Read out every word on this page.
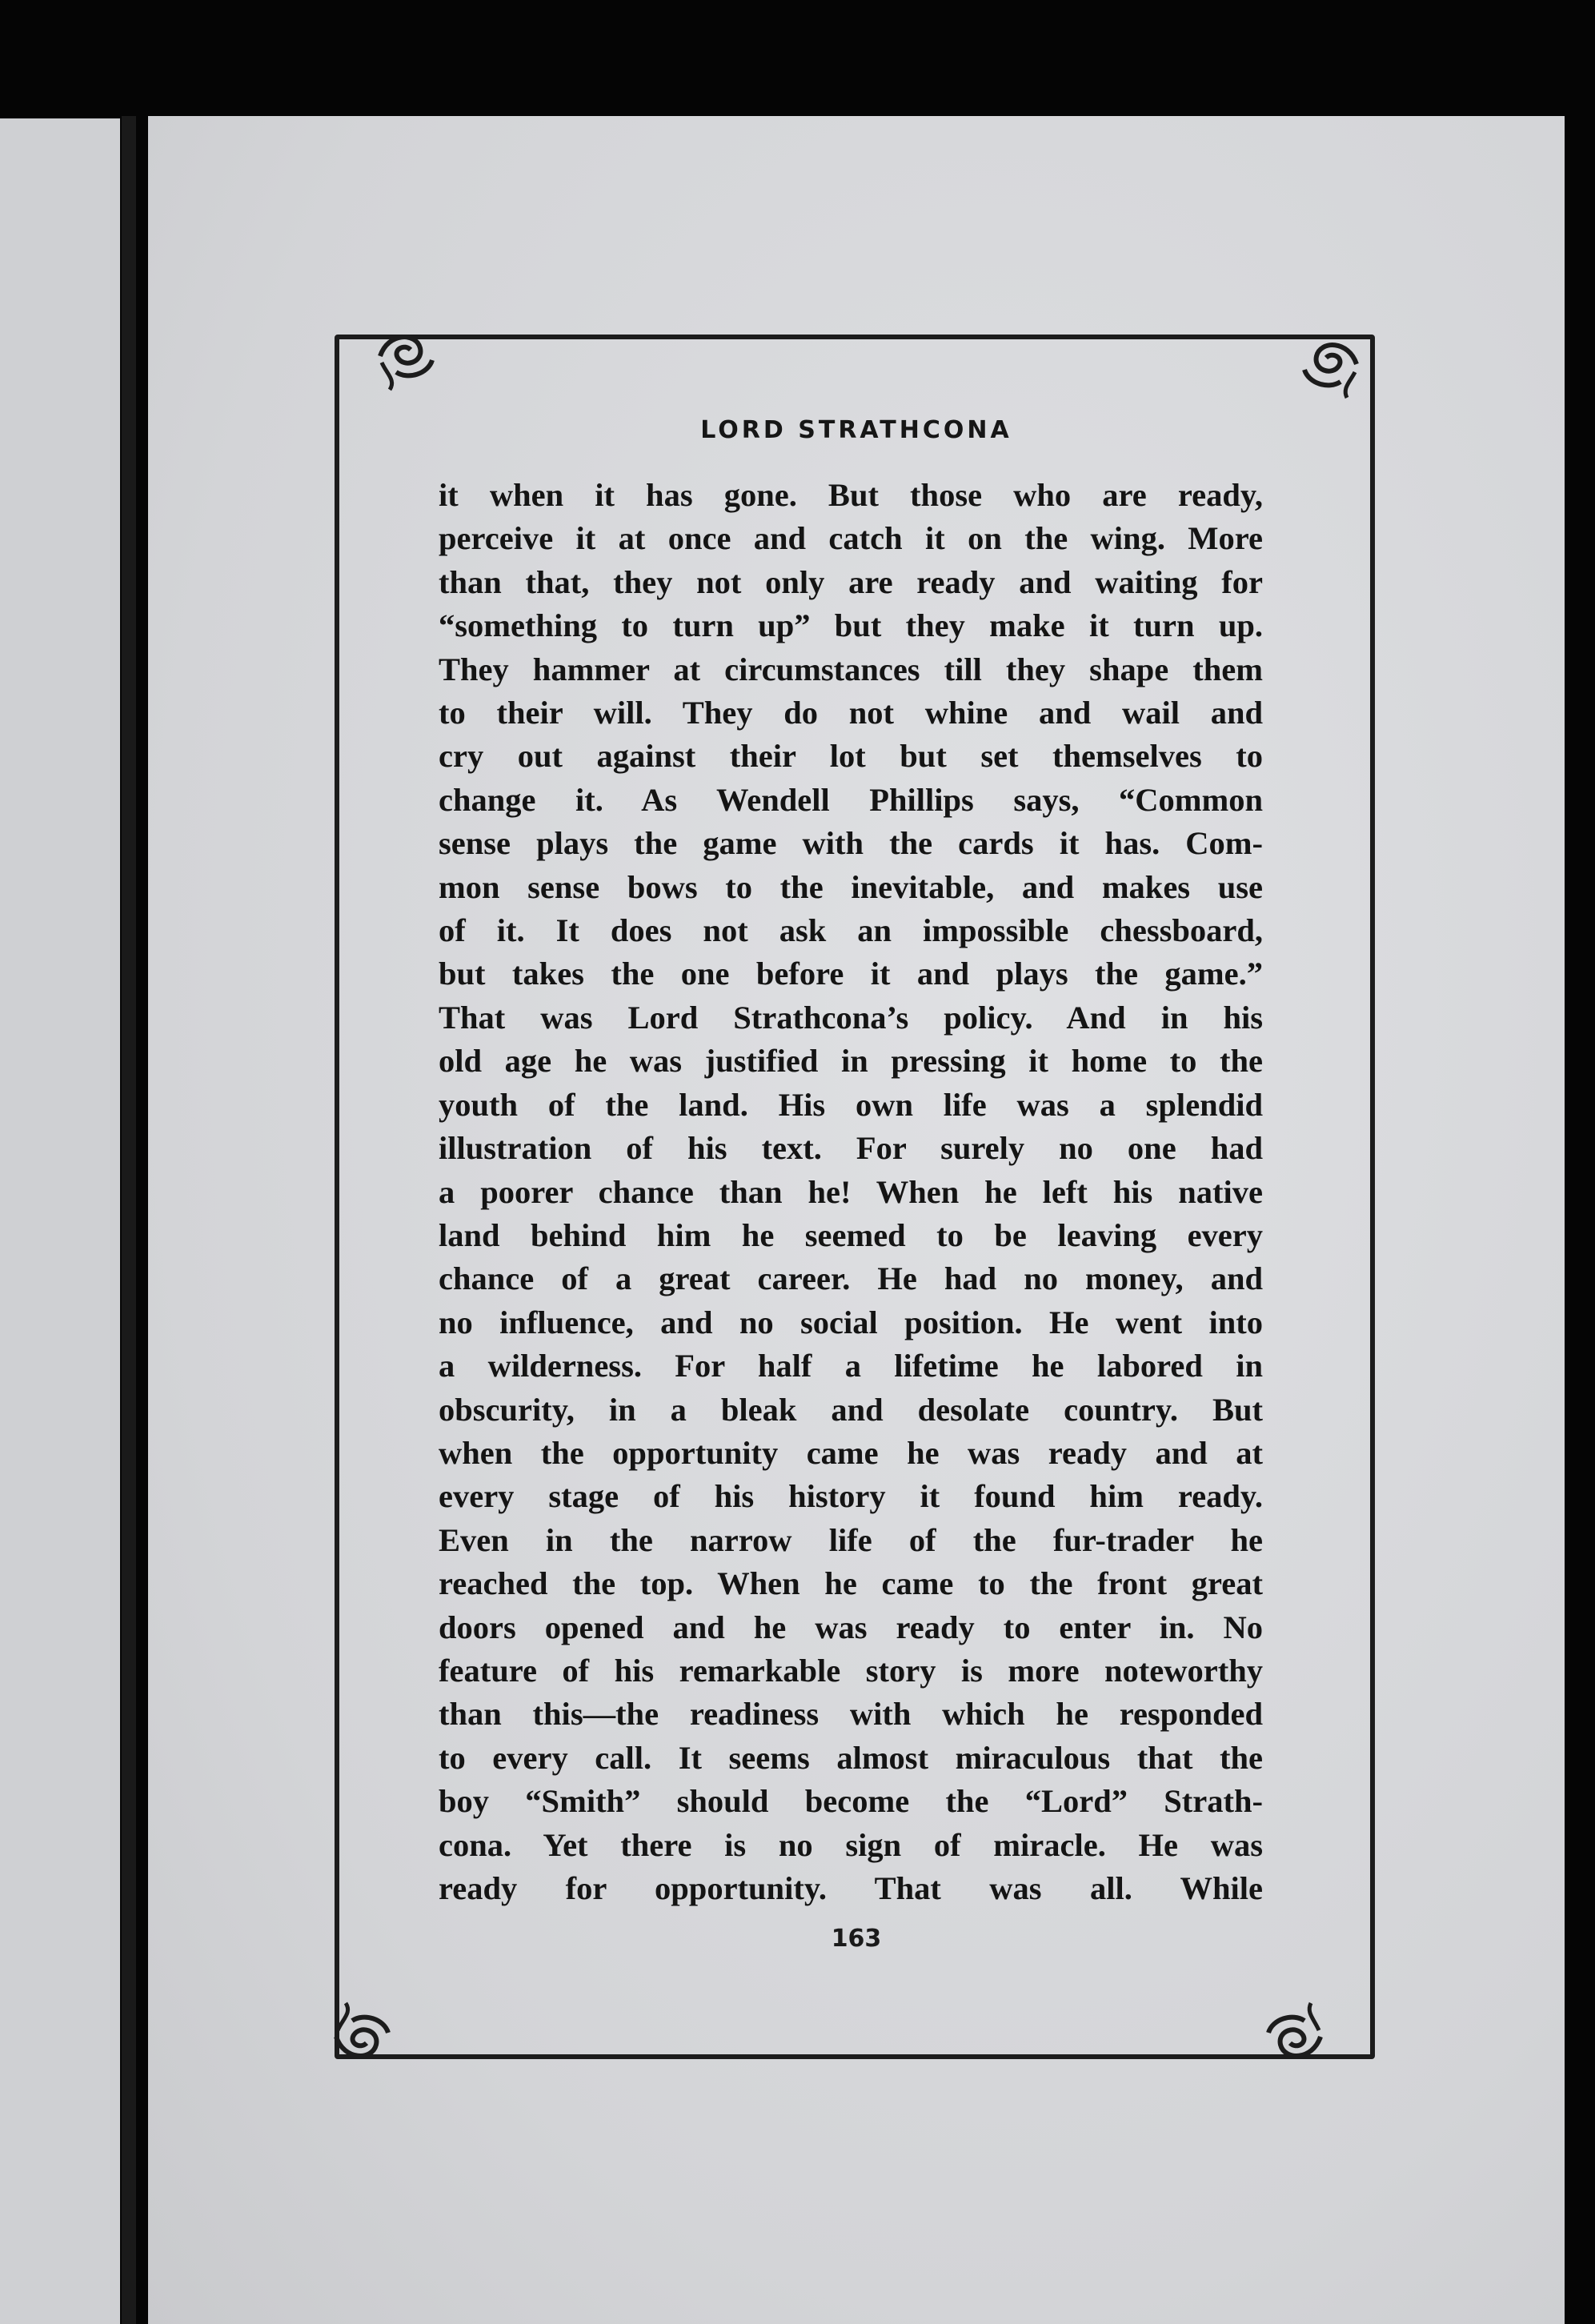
LORD STRATHCONA
it when it has gone. But those who are ready,
perceive it at once and catch it on the wing. More
than that, they not only are ready and waiting for
“something to turn up” but they make it turn up.
They hammer at circumstances till they shape them
to their will. They do not whine and wail and
cry out against their lot but set themselves to
change it. As Wendell Phillips says, “Common
sense plays the game with the cards it has. Com-
mon sense bows to the inevitable, and makes use
of it. It does not ask an impossible chessboard,
but takes the one before it and plays the game.”
That was Lord Strathcona’s policy. And in his
old age he was justified in pressing it home to the
youth of the land. His own life was a splendid
illustration of his text. For surely no one had
a poorer chance than he! When he left his native
land behind him he seemed to be leaving every
chance of a great career. He had no money, and
no influence, and no social position. He went into
a wilderness. For half a lifetime he labored in
obscurity, in a bleak and desolate country. But
when the opportunity came he was ready and at
every stage of his history it found him ready.
Even in the narrow life of the fur-trader he
reached the top. When he came to the front great
doors opened and he was ready to enter in. No
feature of his remarkable story is more noteworthy
than this—the readiness with which he responded
to every call. It seems almost miraculous that the
boy “Smith” should become the “Lord” Strath-
cona. Yet there is no sign of miracle. He was
ready for opportunity. That was all. While
163
